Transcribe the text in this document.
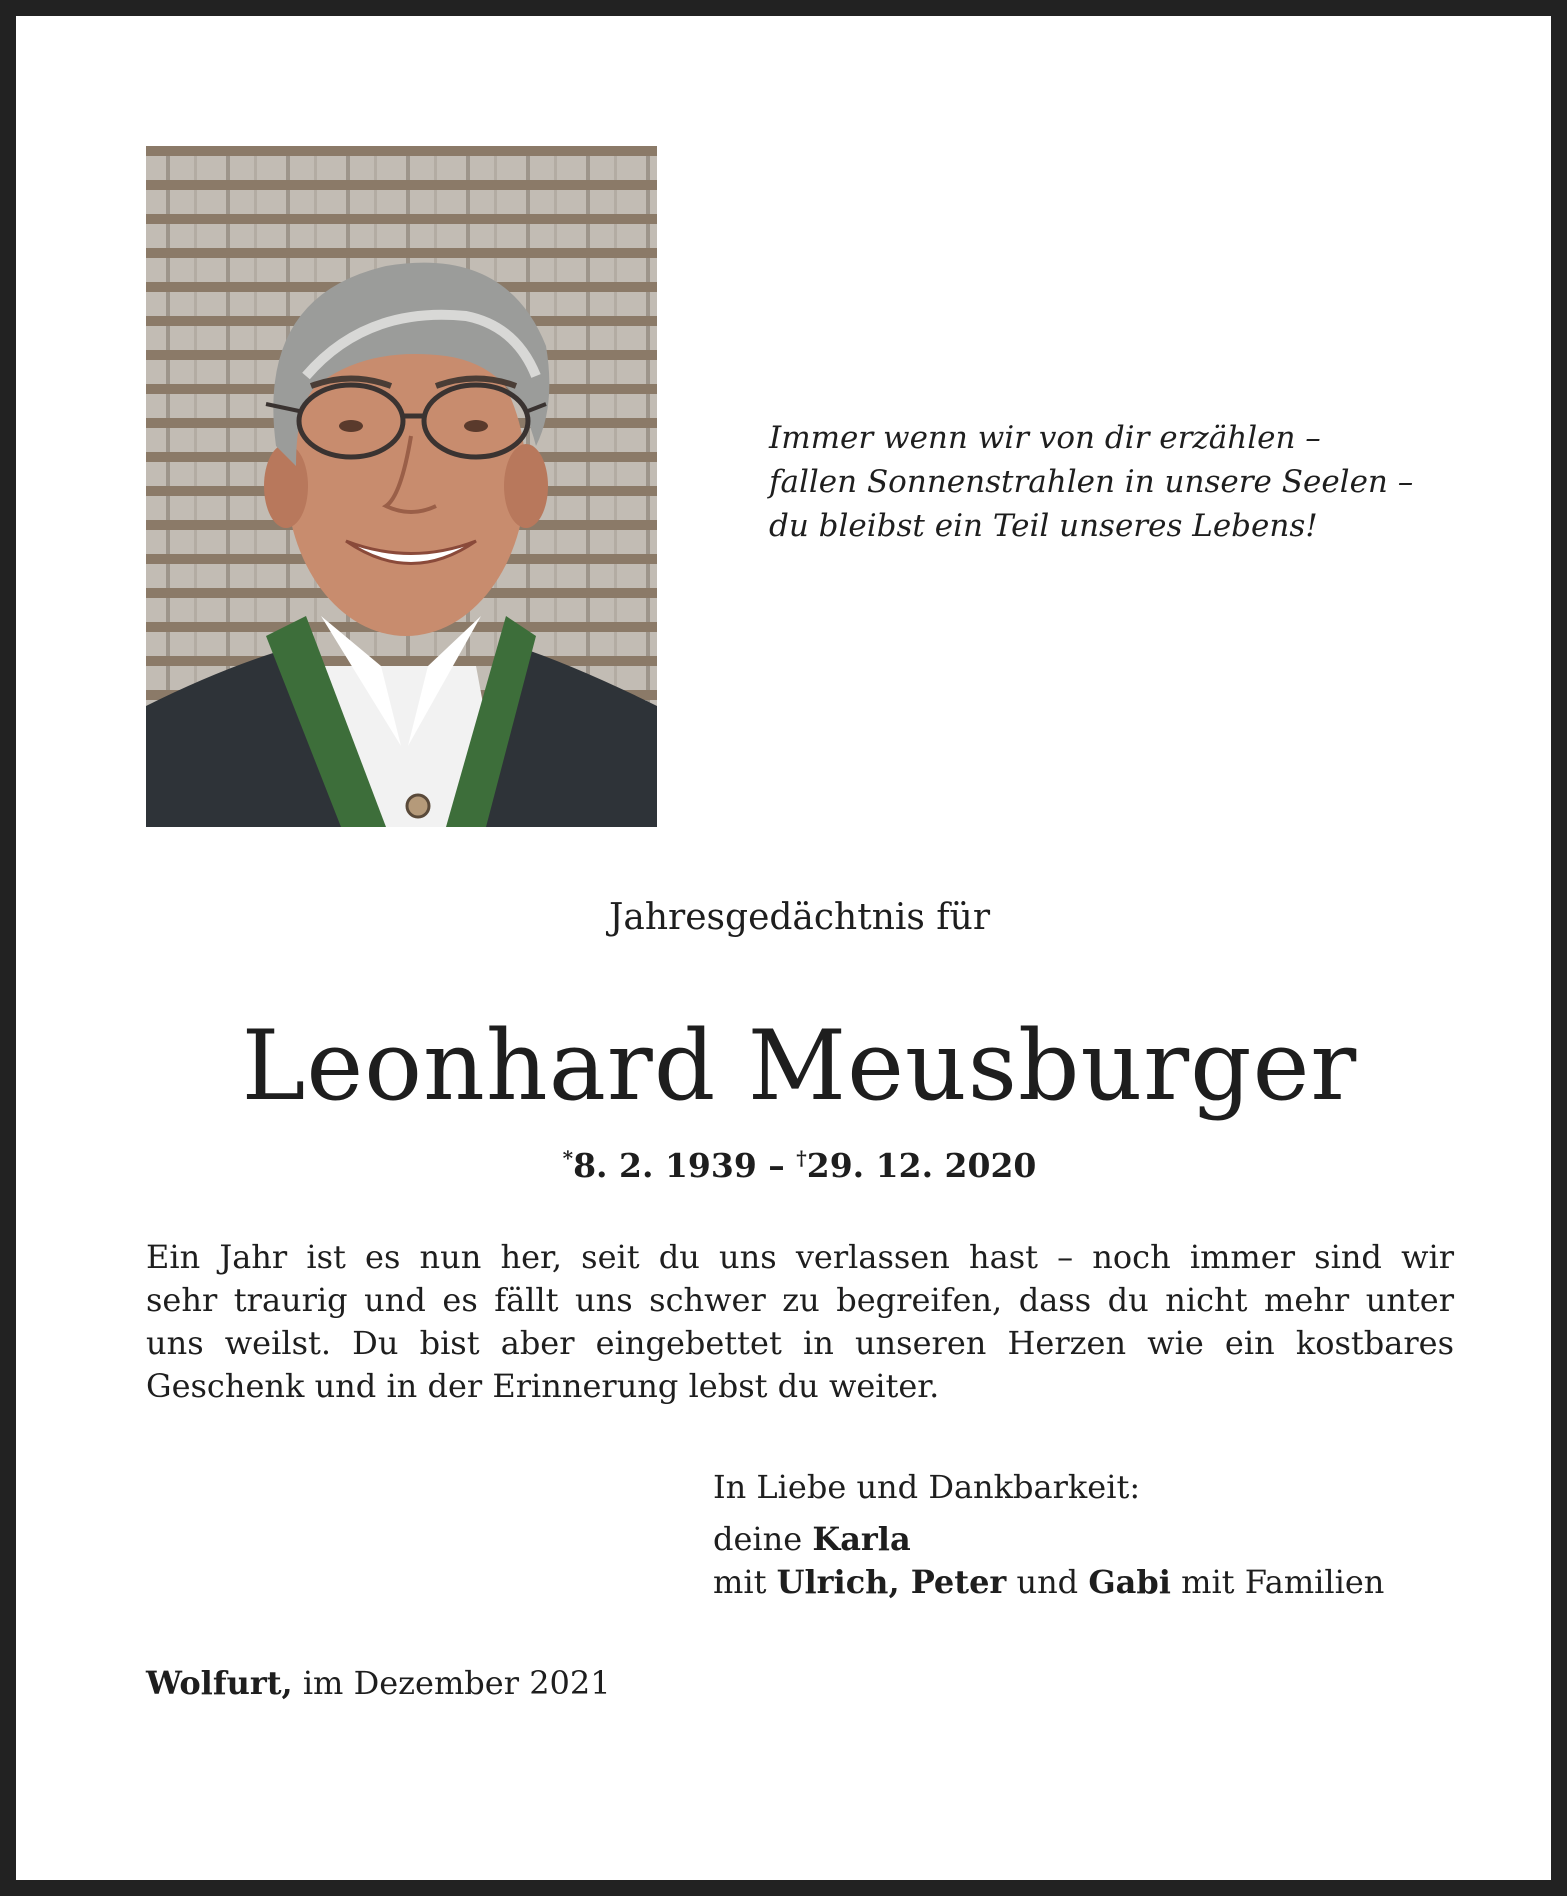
Immer wenn wir von dir erzählen –
fallen Sonnenstrahlen in unsere Seelen –
du bleibst ein Teil unseres Lebens!
Jahresgedächtnis für
Leonhard Meusburger
*8. 2. 1939 – †29. 12. 2020
Ein Jahr ist es nun her, seit du uns verlassen hast – noch immer sind wir
sehr traurig und es fällt uns schwer zu begreifen, dass du nicht mehr unter
uns weilst. Du bist aber eingebettet in unseren Herzen wie ein kostbares
Geschenk und in der Erinnerung lebst du weiter.
In Liebe und Dankbarkeit:
deine Karla
mit Ulrich, Peter und Gabi mit Familien
Wolfurt, im Dezember 2021
